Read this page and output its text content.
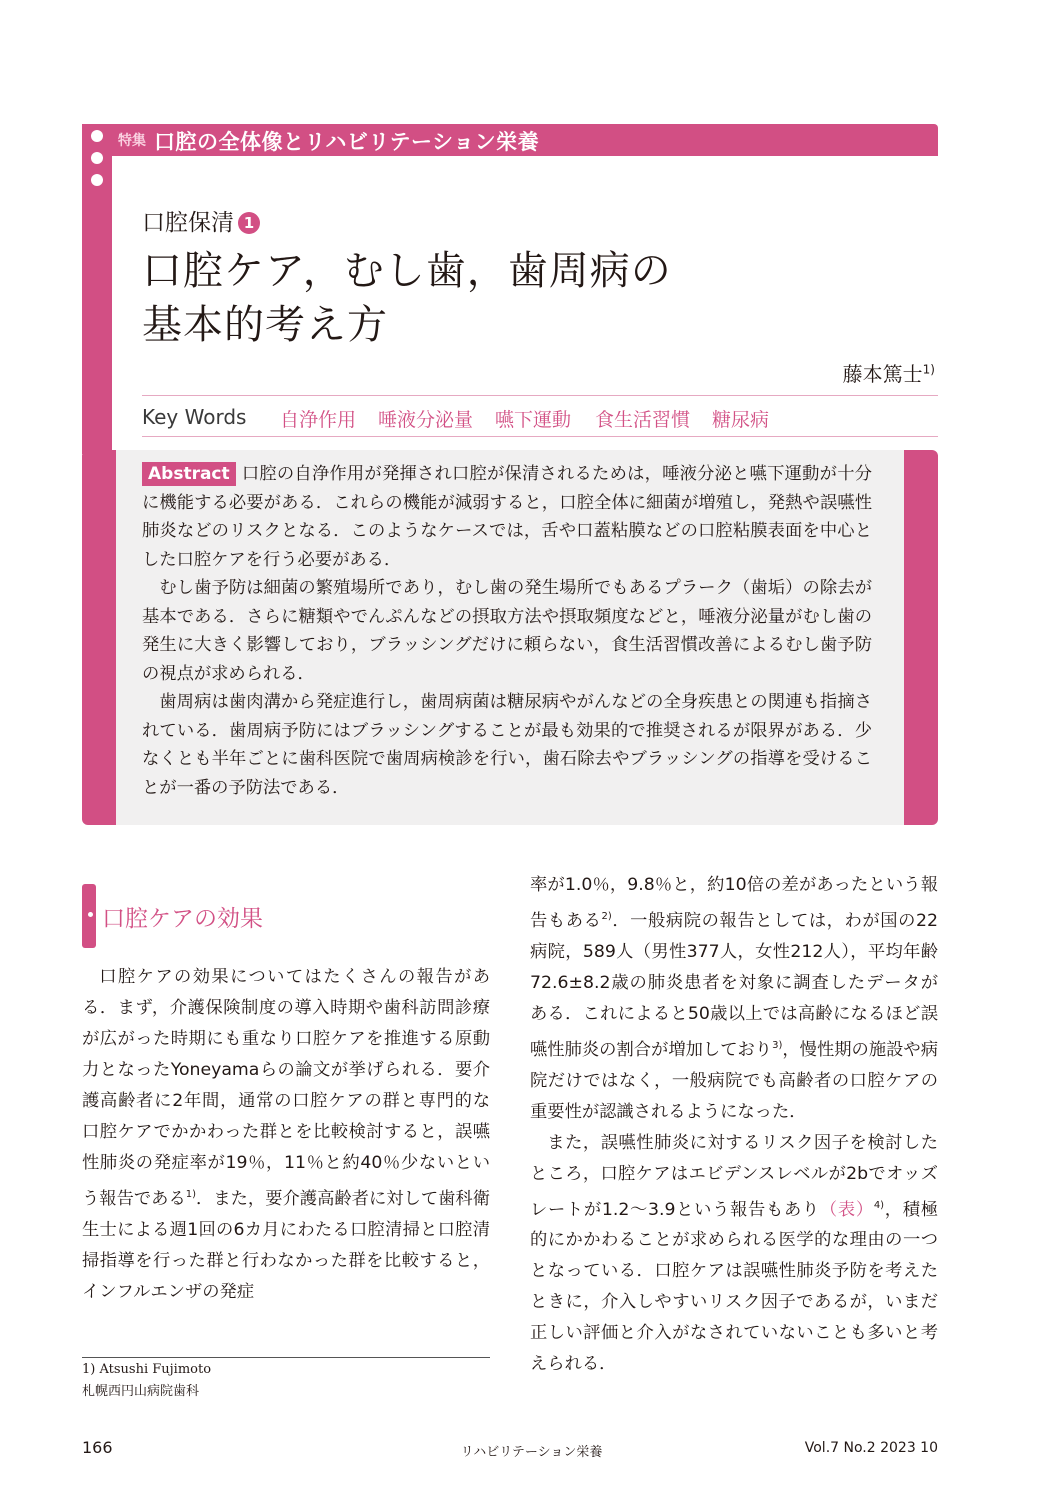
特集 口腔の全体像とリハビリテーション栄養
口腔保清 1
口腔ケア，むし歯，歯周病の
基本的考え方
藤本篤士$^{1)}$
Key Words 自浄作用 唾液分泌量 嚥下運動 食生活習慣 糖尿病

Abstract 口腔の自浄作用が発揮され口腔が保清されるためは，唾液分泌と嚥下運動が十分に機能する必要がある．これらの機能が減弱すると，口腔全体に細菌が増殖し，発熱や誤嚥性肺炎などのリスクとなる．このようなケースでは，舌や口蓋粘膜などの口腔粘膜表面を中心とした口腔ケアを行う必要がある．

むし歯予防は細菌の繁殖場所であり，むし歯の発生場所でもあるプラーク（歯垢）の除去が基本である．さらに糖類やでんぷんなどの摂取方法や摂取頻度などと，唾液分泌量がむし歯の発生に大きく影響しており，ブラッシングだけに頼らない，食生活習慣改善によるむし歯予防の視点が求められる．

歯周病は歯肉溝から発症進行し，歯周病菌は糖尿病やがんなどの全身疾患との関連も指摘されている．歯周病予防にはブラッシングすることが最も効果的で推奨されるが限界がある．少なくとも半年ごとに歯科医院で歯周病検診を行い，歯石除去やブラッシングの指導を受けることが一番の予防法である．

口腔ケアの効果

口腔ケアの効果についてはたくさんの報告がある．まず，介護保険制度の導入時期や歯科訪問診療が広がった時期にも重なり口腔ケアを推進する原動力となったYoneyamaらの論文が挙げられる．要介護高齢者に2年間，通常の口腔ケアの群と専門的な口腔ケアでかかわった群とを比較検討すると，誤嚥性肺炎の発症率が19％，11％と約40％少ないという報告である$^{1)}$．また，要介護高齢者に対して歯科衛生士による週1回の6カ月にわたる口腔清掃と口腔清掃指導を行った群と行わなかった群を比較すると，インフルエンザの発症

率が1.0％，9.8％と，約10倍の差があったという報告もある$^{2)}$．一般病院の報告としては，わが国の22病院，589人（男性377人，女性212人），平均年齢72.6±8.2歳の肺炎患者を対象に調査したデータがある．これによると50歳以上では高齢になるほど誤嚥性肺炎の割合が増加しており$^{3)}$，慢性期の施設や病院だけではなく，一般病院でも高齢者の口腔ケアの重要性が認識されるようになった．

また，誤嚥性肺炎に対するリスク因子を検討したところ，口腔ケアはエビデンスレベルが2bでオッズレートが1.2〜3.9という報告もあり（表）$^{4)}$，積極的にかかわることが求められる医学的な理由の一つとなっている．口腔ケアは誤嚥性肺炎予防を考えたときに，介入しやすいリスク因子であるが，いまだ正しい評価と介入がなされていないことも多いと考えられる．

1) Atsushi Fujimoto
札幌西円山病院歯科
166	リハビリテーション栄養	Vol.7 No.2 2023 10
